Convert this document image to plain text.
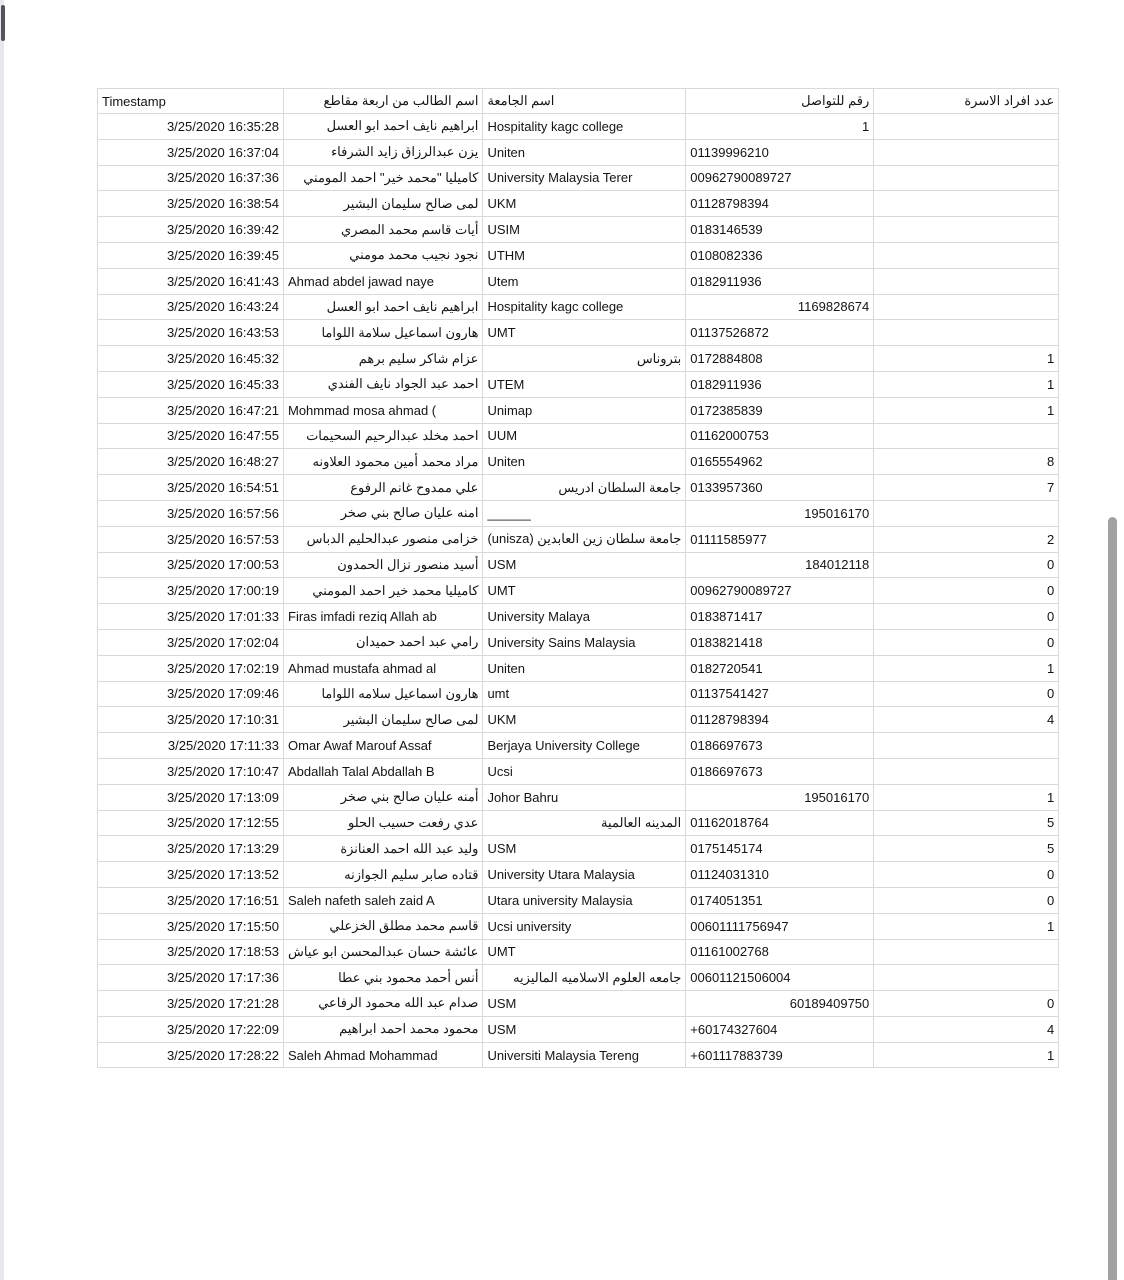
Timestamp	اسم الطالب من اربعة مقاطع	اسم الجامعة	رقم للتواصل	عدد افراد الاسرة
3/25/2020 16:35:28	ابراهيم نايف احمد ابو العسل	Hospitality kagc college	1	
3/25/2020 16:37:04	يزن عبدالرزاق زايد الشرفاء	Uniten	01139996210	
3/25/2020 16:37:36	كاميليا "محمد خير" احمد المومني	University Malaysia Terer	00962790089727	
3/25/2020 16:38:54	لمى صالح سليمان البشير	UKM	01128798394	
3/25/2020 16:39:42	أيات قاسم محمد المصري	USIM	0183146539	
3/25/2020 16:39:45	نجود نجيب محمد مومني	UTHM	0108082336	
3/25/2020 16:41:43	Ahmad abdel jawad naye	Utem	0182911936	
3/25/2020 16:43:24	ابراهيم نايف احمد ابو العسل	Hospitality kagc college	1169828674	
3/25/2020 16:43:53	هارون اسماعيل سلامة اللواما	UMT	01137526872	
3/25/2020 16:45:32	عزام شاكر سليم برهم	بتروناس	0172884808	1
3/25/2020 16:45:33	احمد عبد الجواد نايف الفندي	UTEM	0182911936	1
3/25/2020 16:47:21	Mohmmad mosa ahmad (	Unimap	0172385839	1
3/25/2020 16:47:55	احمد مخلد عبدالرحيم السحيمات	UUM	01162000753	
3/25/2020 16:48:27	مراد محمد أمين محمود العلاونه	Uniten	0165554962	8
3/25/2020 16:54:51	علي ممدوح غانم الرفوع	جامعة السلطان ادريس	0133957360	7
3/25/2020 16:57:56	امنه عليان صالح بني صخر	______	195016170	
3/25/2020 16:57:53	خزامى منصور عبدالحليم الدباس	جامعة سلطان زين العابدين (unisza)	01111585977	2
3/25/2020 17:00:53	أسيد منصور نزال الحمدون	USM	184012118	0
3/25/2020 17:00:19	كاميليا محمد خير احمد المومني	UMT	00962790089727	0
3/25/2020 17:01:33	Firas imfadi reziq Allah ab	University Malaya	0183871417	0
3/25/2020 17:02:04	رامي عبد احمد حميدان	University Sains Malaysia	0183821418	0
3/25/2020 17:02:19	Ahmad mustafa ahmad al	Uniten	0182720541	1
3/25/2020 17:09:46	هارون اسماعيل سلامه اللواما	umt	01137541427	0
3/25/2020 17:10:31	لمى صالح سليمان البشير	UKM	01128798394	4
3/25/2020 17:11:33	Omar Awaf Marouf Assaf	Berjaya University College	0186697673	
3/25/2020 17:10:47	Abdallah Talal Abdallah B	Ucsi	0186697673	
3/25/2020 17:13:09	أمنه عليان صالح بني صخر	Johor Bahru	195016170	1
3/25/2020 17:12:55	عدي رفعت حسيب الحلو	المدينه العالمية	01162018764	5
3/25/2020 17:13:29	وليد عبد الله احمد العنانزة	USM	0175145174	5
3/25/2020 17:13:52	قتاده صابر سليم الجوازنه	University Utara Malaysia	01124031310	0
3/25/2020 17:16:51	Saleh nafeth saleh zaid A	Utara university Malaysia	0174051351	0
3/25/2020 17:15:50	قاسم محمد مطلق الخزعلي	Ucsi university	00601111756947	1
3/25/2020 17:18:53	عائشة حسان عبدالمحسن ابو عياش	UMT	01161002768	
3/25/2020 17:17:36	أنس أحمد محمود بني عطا	جامعه العلوم الاسلاميه الماليزيه	00601121506004	
3/25/2020 17:21:28	صدام عبد الله محمود الرفاعي	USM	60189409750	0
3/25/2020 17:22:09	محمود محمد احمد ابراهيم	USM	+60174327604	4
3/25/2020 17:28:22	Saleh Ahmad Mohammad	Universiti Malaysia Tereng	+601117883739	1
